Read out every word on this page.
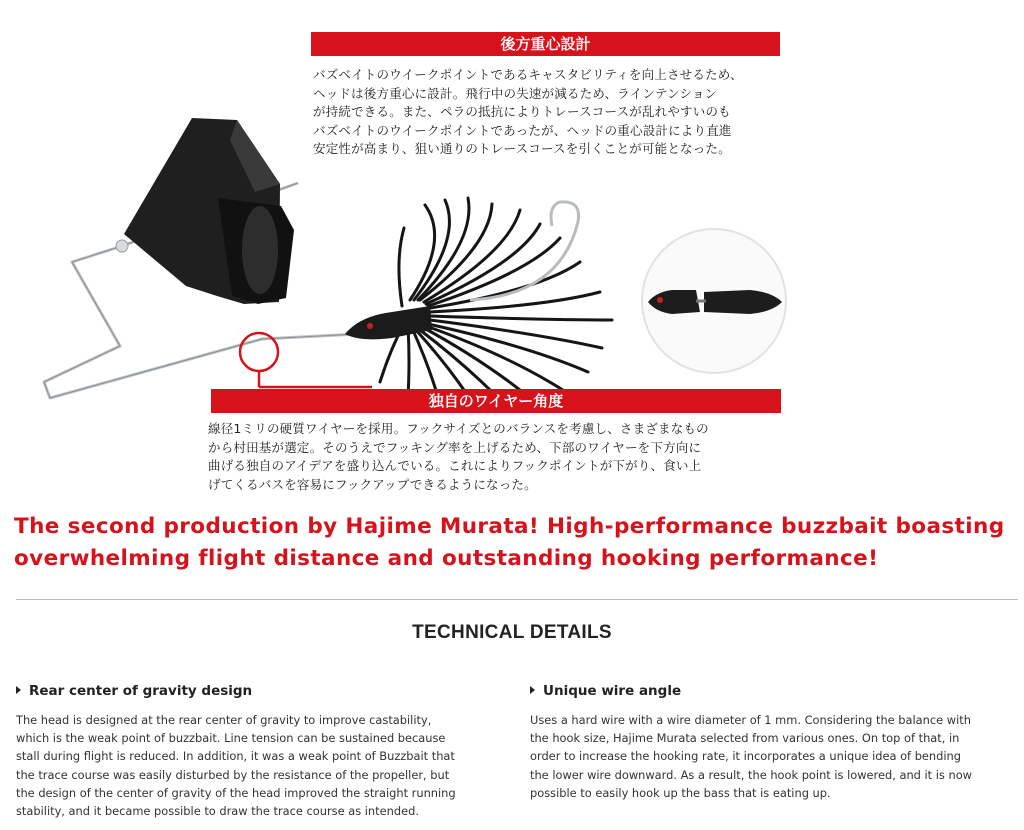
後方重心設計
バズベイトのウイークポイントであるキャスタビリティを向上させるため、
ヘッドは後方重心に設計。飛行中の失速が減るため、ラインテンション
が持続できる。また、ペラの抵抗によりトレースコースが乱れやすいのも
バズベイトのウイークポイントであったが、ヘッドの重心設計により直進
安定性が高まり、狙い通りのトレースコースを引くことが可能となった。
独自のワイヤー角度
線径1ミリの硬質ワイヤーを採用。フックサイズとのバランスを考慮し、さまざまなもの
から村田基が選定。そのうえでフッキング率を上げるため、下部のワイヤーを下方向に
曲げる独自のアイデアを盛り込んでいる。これによりフックポイントが下がり、食い上
げてくるバスを容易にフックアップできるようになった。
The second production by Hajime Murata! High-performance buzzbait boasting
overwhelming flight distance and outstanding hooking performance!
TECHNICAL DETAILS
Rear center of gravity design
The head is designed at the rear center of gravity to improve castability,
which is the weak point of buzzbait. Line tension can be sustained because
stall during flight is reduced. In addition, it was a weak point of Buzzbait that
the trace course was easily disturbed by the resistance of the propeller, but
the design of the center of gravity of the head improved the straight running
stability, and it became possible to draw the trace course as intended.
Unique wire angle
Uses a hard wire with a wire diameter of 1 mm. Considering the balance with
the hook size, Hajime Murata selected from various ones. On top of that, in
order to increase the hooking rate, it incorporates a unique idea of bending
the lower wire downward. As a result, the hook point is lowered, and it is now
possible to easily hook up the bass that is eating up.
